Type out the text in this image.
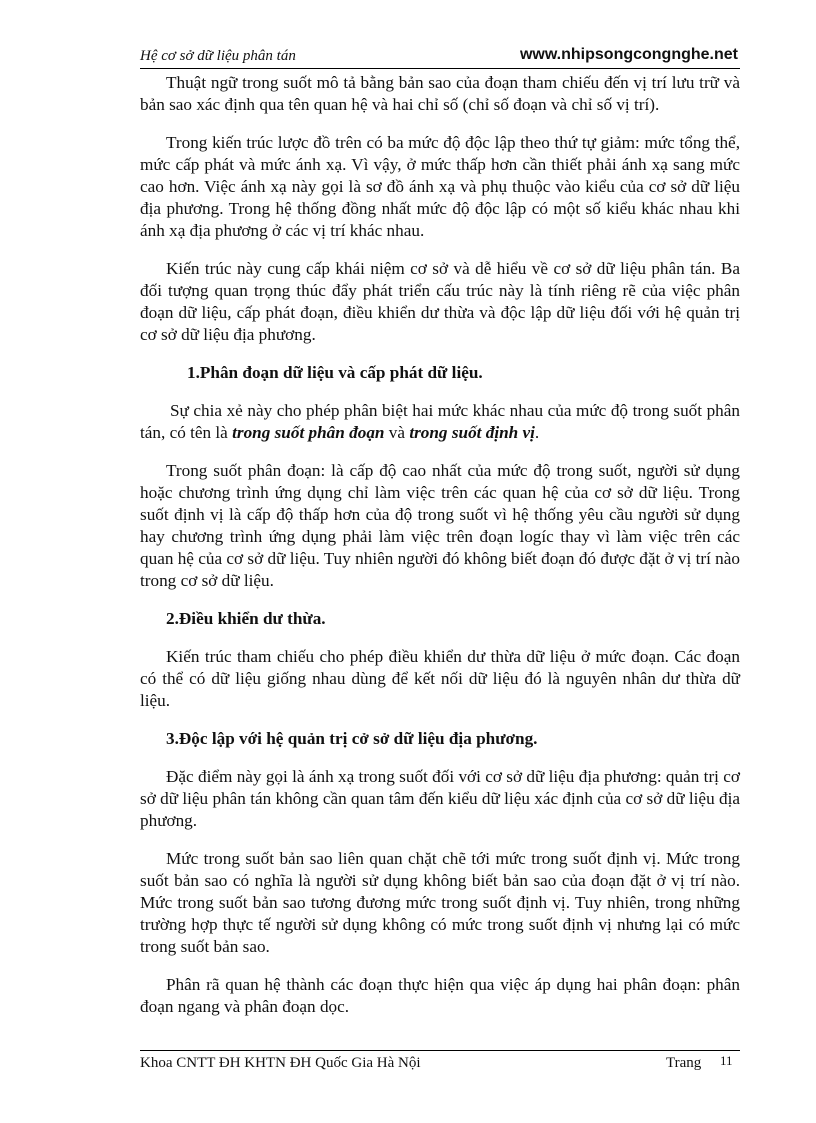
Hệ cơ sở dữ liệu phân tán	www.nhipsongcongnghe.net

Thuật ngữ trong suốt mô tả bằng bản sao của đoạn tham chiếu đến vị trí lưu trữ và bản sao xác định qua tên quan hệ và hai chỉ số (chỉ số đoạn và chỉ số vị trí).

Trong kiến trúc lược đồ trên có ba mức độ độc lập theo thứ tự giảm: mức tổng thể, mức cấp phát và mức ánh xạ. Vì vậy, ở mức thấp hơn cần thiết phải ánh xạ sang mức cao hơn. Việc ánh xạ này gọi là sơ đồ ánh xạ và phụ thuộc vào kiểu của cơ sở dữ liệu địa phương. Trong hệ thống đồng nhất mức độ độc lập có một số kiểu khác nhau khi ánh xạ địa phương ở các vị trí khác nhau.

Kiến trúc này cung cấp khái niệm cơ sở và dễ hiểu về cơ sở dữ liệu phân tán. Ba đối tượng quan trọng thúc đẩy phát triển cấu trúc này là tính riêng rẽ của việc phân đoạn dữ liệu, cấp phát đoạn, điều khiển dư thừa và độc lập dữ liệu đối với hệ quản trị cơ sở dữ liệu địa phương.

1.Phân đoạn dữ liệu và cấp phát dữ liệu.

Sự chia xẻ này cho phép phân biệt hai mức khác nhau của mức độ trong suốt phân tán, có tên là trong suốt phân đoạn và trong suốt định vị.

Trong suốt phân đoạn: là cấp độ cao nhất của mức độ trong suốt, người sử dụng hoặc chương trình ứng dụng chỉ làm việc trên các quan hệ của cơ sở dữ liệu. Trong suốt định vị là cấp độ thấp hơn của độ trong suốt vì hệ thống yêu cầu người sử dụng hay chương trình ứng dụng phải làm việc trên đoạn logíc thay vì làm việc trên các quan hệ của cơ sở dữ liệu. Tuy nhiên người đó không biết đoạn đó được đặt ở vị trí nào trong cơ sở dữ liệu.

2.Điều khiển dư thừa.

Kiến trúc tham chiếu cho phép điều khiển dư thừa dữ liệu ở mức đoạn. Các đoạn có thể có dữ liệu giống nhau dùng để kết nối dữ liệu đó là nguyên nhân dư thừa dữ liệu.

3.Độc lập với hệ quản trị cở sở dữ liệu địa phương.

Đặc điểm này gọi là ánh xạ trong suốt đối với cơ sở dữ liệu địa phương: quản trị cơ sở dữ liệu phân tán không cần quan tâm đến kiểu dữ liệu xác định của cơ sở dữ liệu địa phương.

Mức trong suốt bản sao liên quan chặt chẽ tới mức trong suốt định vị. Mức trong suốt bản sao có nghĩa là người sử dụng không biết bản sao của đoạn đặt ở vị trí nào. Mức trong suốt bản sao tương đương mức trong suốt định vị. Tuy nhiên, trong những trường hợp thực tế người sử dụng không có mức trong suốt định vị nhưng lại có mức trong suốt bản sao.

Phân rã quan hệ thành các đoạn thực hiện qua việc áp dụng hai phân đoạn: phân đoạn ngang và phân đoạn dọc.

Khoa CNTT ĐH KHTN ĐH Quốc Gia Hà Nội	Trang 11
